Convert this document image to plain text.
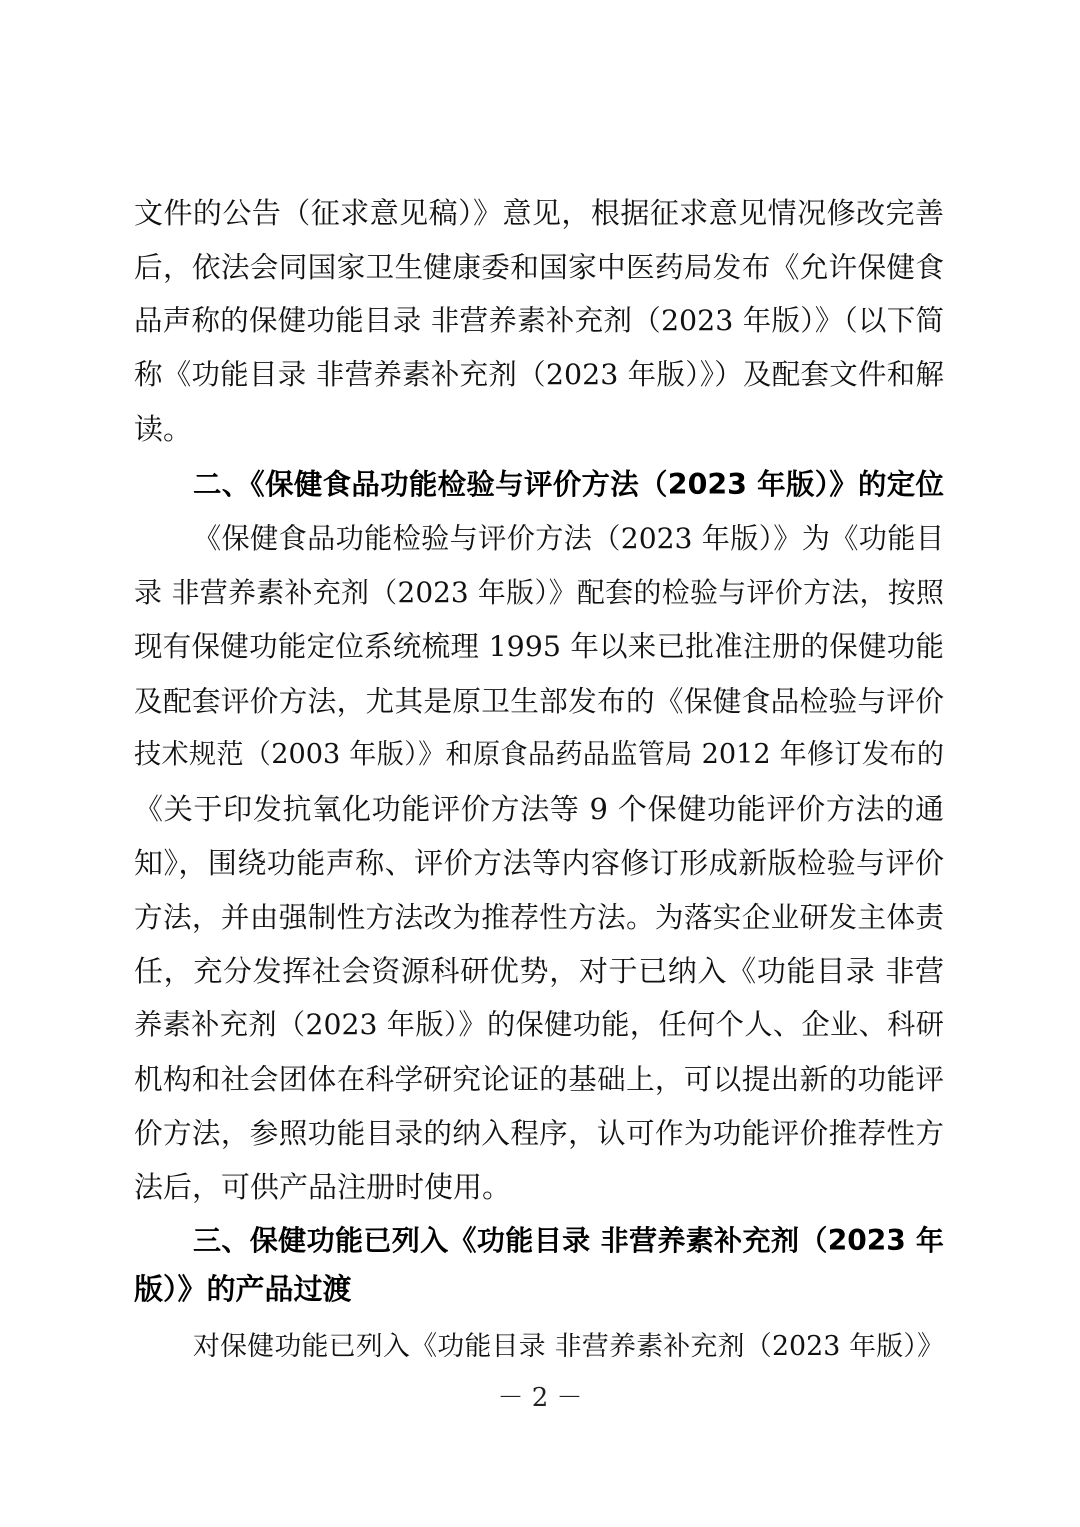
文件的公告（征求意见稿）》意见，根据征求意见情况修改完善
后，依法会同国家卫生健康委和国家中医药局发布《允许保健食
品声称的保健功能目录 非营养素补充剂（2023 年版）》（以下简
称《功能目录 非营养素补充剂（2023 年版）》）及配套文件和解
读。
二、《保健食品功能检验与评价方法（2023 年版）》的定位
《保健食品功能检验与评价方法（2023 年版）》为《功能目
录 非营养素补充剂（2023 年版）》配套的检验与评价方法，按照
现有保健功能定位系统梳理 1995 年以来已批准注册的保健功能
及配套评价方法，尤其是原卫生部发布的《保健食品检验与评价
技术规范（2003 年版）》和原食品药品监管局 2012 年修订发布的
《关于印发抗氧化功能评价方法等 9 个保健功能评价方法的通
知》，围绕功能声称、评价方法等内容修订形成新版检验与评价
方法，并由强制性方法改为推荐性方法。为落实企业研发主体责
任，充分发挥社会资源科研优势，对于已纳入《功能目录 非营
养素补充剂（2023 年版）》的保健功能，任何个人、企业、科研
机构和社会团体在科学研究论证的基础上，可以提出新的功能评
价方法，参照功能目录的纳入程序，认可作为功能评价推荐性方
法后，可供产品注册时使用。
三、保健功能已列入《功能目录 非营养素补充剂（2023 年
版）》的产品过渡
对保健功能已列入《功能目录 非营养素补充剂（2023 年版）》
－ 2 －
